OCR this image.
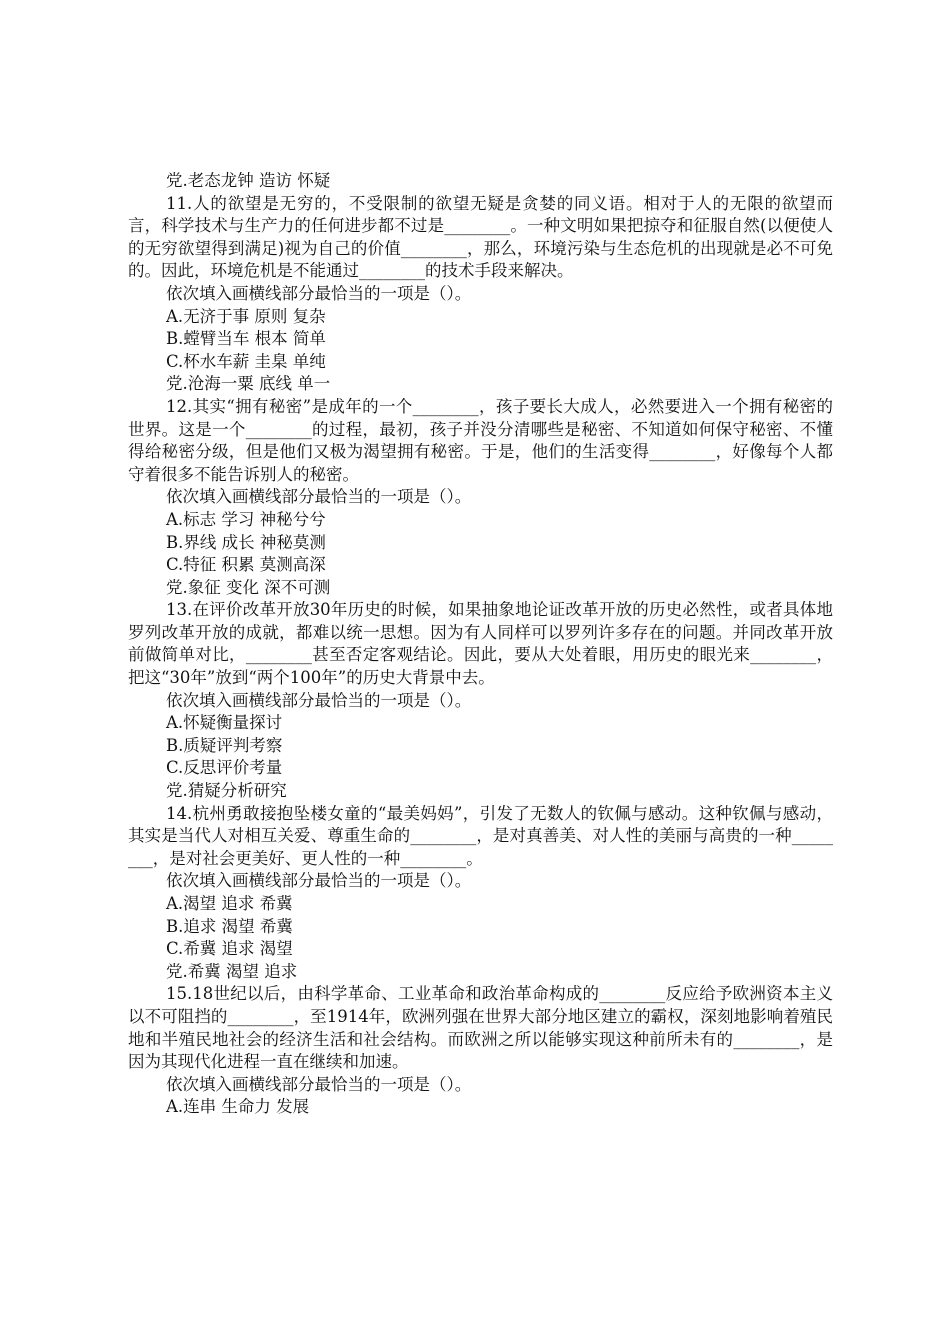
党.老态龙钟 造访 怀疑

11.人的欲望是无穷的，不受限制的欲望无疑是贪婪的同义语。相对于人的无限的欲望而言，科学技术与生产力的任何进步都不过是________。一种文明如果把掠夺和征服自然(以便使人的无穷欲望得到满足)视为自己的价值________，那么，环境污染与生态危机的出现就是必不可免的。因此，环境危机是不能通过________的技术手段来解决。

依次填入画横线部分最恰当的一项是（）。

A.无济于事 原则 复杂

B.螳臂当车 根本 简单

C.杯水车薪 圭臬 单纯

党.沧海一粟 底线 单一

12.其实“拥有秘密”是成年的一个________，孩子要长大成人，必然要进入一个拥有秘密的世界。这是一个________的过程，最初，孩子并没分清哪些是秘密、不知道如何保守秘密、不懂得给秘密分级，但是他们又极为渴望拥有秘密。于是，他们的生活变得________，好像每个人都守着很多不能告诉别人的秘密。

依次填入画横线部分最恰当的一项是（）。

A.标志 学习 神秘兮兮

B.界线 成长 神秘莫测

C.特征 积累 莫测高深

党.象征 变化 深不可测

13.在评价改革开放30年历史的时候，如果抽象地论证改革开放的历史必然性，或者具体地罗列改革开放的成就，都难以统一思想。因为有人同样可以罗列许多存在的问题。并同改革开放前做简单对比，________甚至否定客观结论。因此，要从大处着眼，用历史的眼光来________，把这“30年”放到“两个100年”的历史大背景中去。

依次填入画横线部分最恰当的一项是（）。

A.怀疑衡量探讨

B.质疑评判考察

C.反思评价考量

党.猜疑分析研究

14.杭州勇敢接抱坠楼女童的“最美妈妈”，引发了无数人的钦佩与感动。这种钦佩与感动，其实是当代人对相互关爱、尊重生命的________，是对真善美、对人性的美丽与高贵的一种________，是对社会更美好、更人性的一种________。

依次填入画横线部分最恰当的一项是（）。

A.渴望 追求 希冀

B.追求 渴望 希冀

C.希冀 追求 渴望

党.希冀 渴望 追求

15.18世纪以后，由科学革命、工业革命和政治革命构成的________反应给予欧洲资本主义以不可阻挡的________，至1914年，欧洲列强在世界大部分地区建立的霸权，深刻地影响着殖民地和半殖民地社会的经济生活和社会结构。而欧洲之所以能够实现这种前所未有的________，是因为其现代化进程一直在继续和加速。

依次填入画横线部分最恰当的一项是（）。

A.连串 生命力 发展
